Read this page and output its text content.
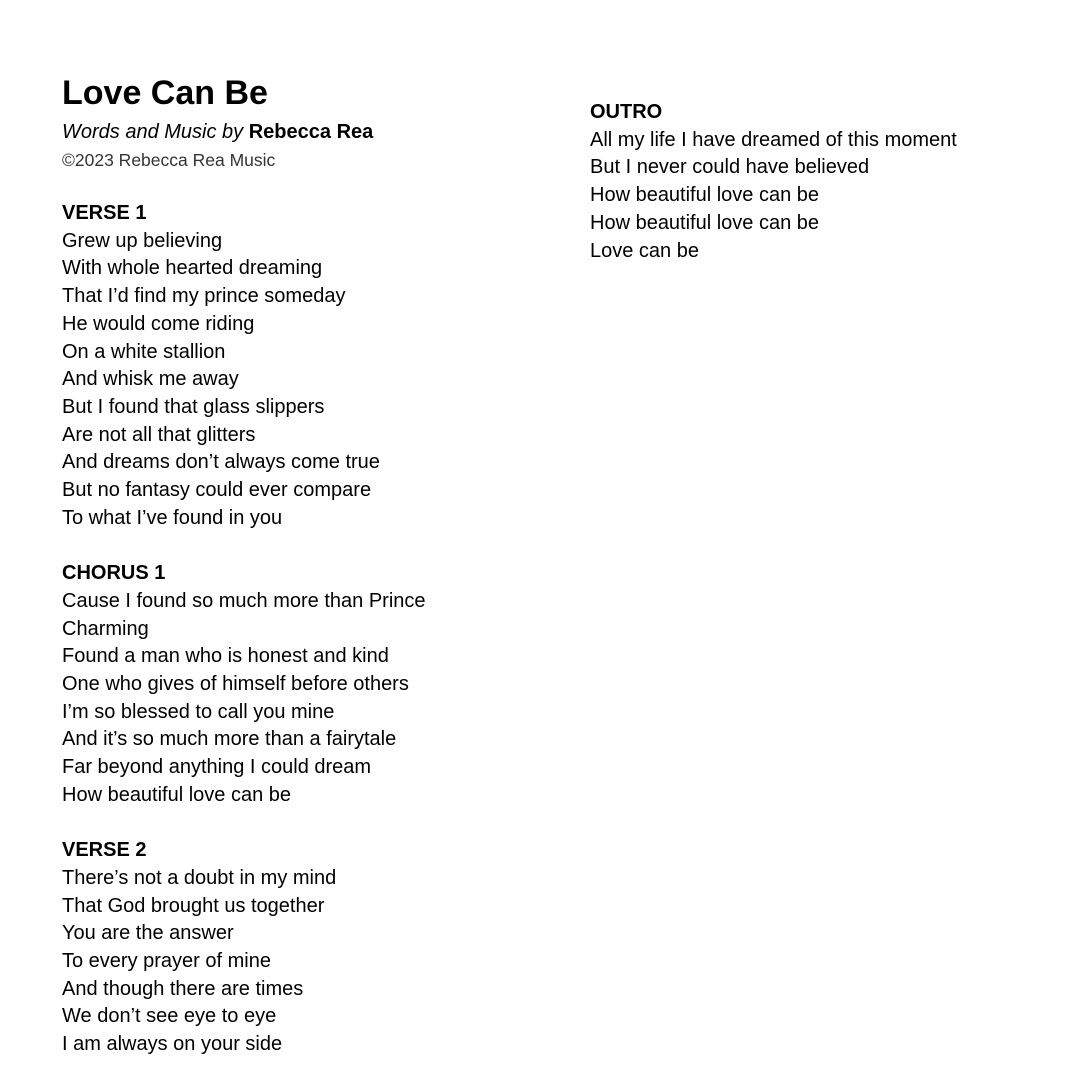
Love Can Be
Words and Music by Rebecca Rea
©2023 Rebecca Rea Music
VERSE 1
Grew up believing
With whole hearted dreaming
That I’d find my prince someday
He would come riding
On a white stallion
And whisk me away
But I found that glass slippers
Are not all that glitters
And dreams don’t always come true
But no fantasy could ever compare
To what I’ve found in you
CHORUS 1
Cause I found so much more than Prince Charming
Found a man who is honest and kind
One who gives of himself before others
I’m so blessed to call you mine
And it’s so much more than a fairytale
Far beyond anything I could dream
How beautiful love can be
VERSE 2
There’s not a doubt in my mind
That God brought us together
You are the answer
To every prayer of mine
And though there are times
We don’t see eye to eye
I am always on your side
OUTRO
All my life I have dreamed of this moment
But I never could have believed
How beautiful love can be
How beautiful love can be
Love can be
